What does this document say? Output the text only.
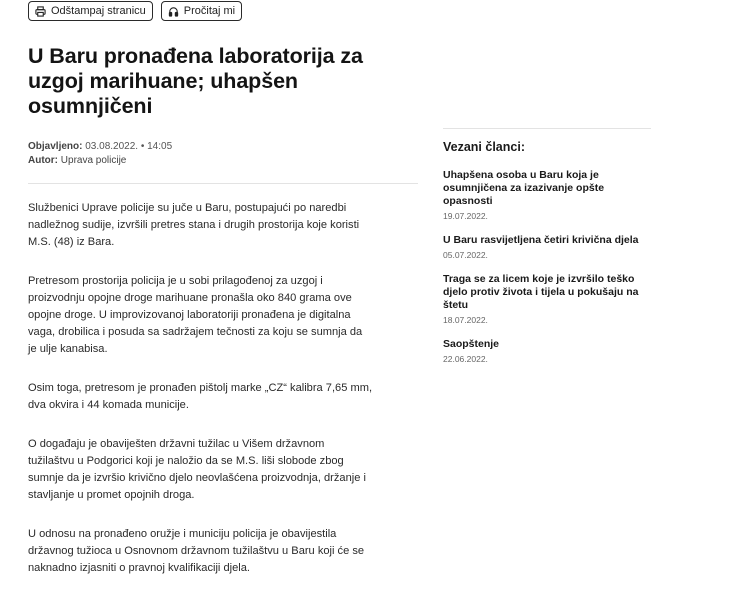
Odštampaj stranicu	Pročitaj mi
U Baru pronađena laboratorija za uzgoj marihuane; uhapšen osumnjičeni
Objavljeno: 03.08.2022. • 14:05
Autor: Uprava policije

Službenici Uprave policije su juče u Baru, postupajući po naredbi nadležnog sudije, izvršili pretres stana i drugih prostorija koje koristi M.S. (48) iz Bara.

Pretresom prostorija policija je u sobi prilagođenoj za uzgoj i proizvodnju opojne droge marihuane pronašla oko 840 grama ove opojne droge. U improvizovanoj laboratoriji pronađena je digitalna vaga, drobilica i posuda sa sadržajem tečnosti za koju se sumnja da je ulje kanabisa.

Osim toga, pretresom je pronađen pištolj marke „CZ“ kalibra 7,65 mm, dva okvira i 44 komada municije.

O događaju je obaviješten državni tužilac u Višem državnom tužilaštvu u Podgorici koji je naložio da se M.S. liši slobode zbog sumnje da je izvršio krivično djelo neovlašćena proizvodnja, držanje i stavljanje u promet opojnih droga.

U odnosu na pronađeno oružje i municiju policija je obavijestila državnog tužioca u Osnovnom državnom tužilaštvu u Baru koji će se naknadno izjasniti o pravnoj kvalifikaciji djela.

Vezani članci:
Uhapšena osoba u Baru koja je osumnjičena za izazivanje opšte opasnosti
19.07.2022.
U Baru rasvijetljena četiri krivična djela
05.07.2022.
Traga se za licem koje je izvršilo teško djelo protiv života i tijela u pokušaju na štetu
18.07.2022.
Saopštenje
22.06.2022.
